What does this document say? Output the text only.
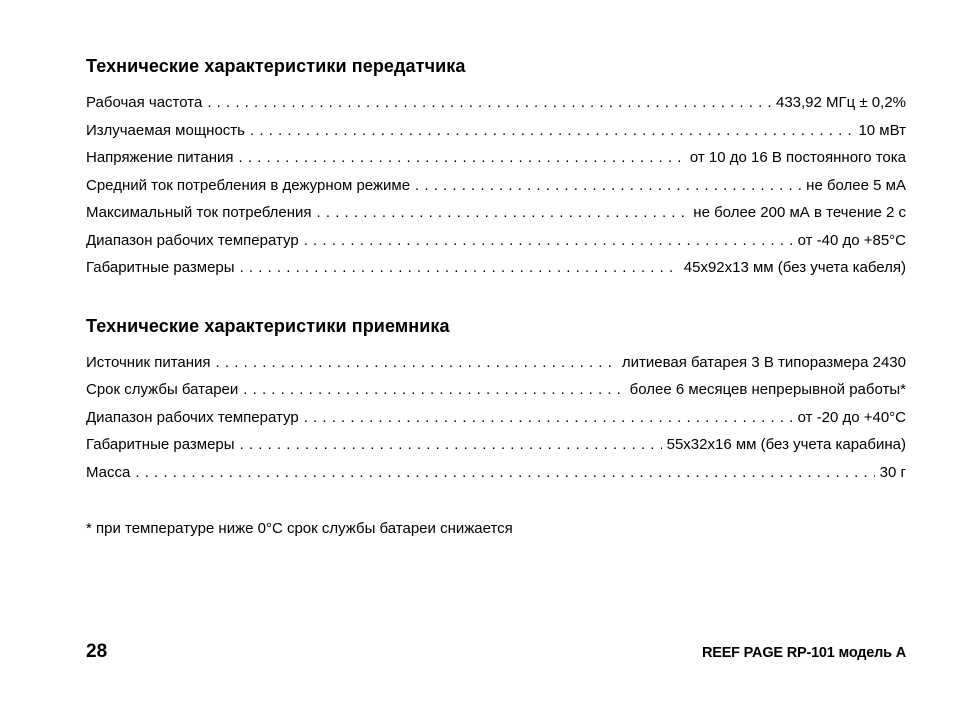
Технические характеристики передатчика
Рабочая частота . . .	433,92 МГц ± 0,2%
Излучаемая мощность . . .	10 мВт
Напряжение питания . . .	от 10 до 16 В постоянного тока
Средний ток потребления в дежурном режиме . . .	не более 5 мА
Максимальный ток потребления . . .	не более 200 мА в течение 2 с
Диапазон рабочих температур . . .	от -40 до +85°С
Габаритные размеры . . .	45х92х13 мм (без учета кабеля)
Технические характеристики приемника
Источник питания . . .	литиевая батарея 3 В типоразмера 2430
Срок службы батареи . . .	более 6 месяцев непрерывной работы*
Диапазон рабочих температур . . .	от -20 до +40°С
Габаритные размеры . . .	55х32х16 мм (без учета карабина)
Масса . . .	30 г
* при температуре ниже 0°С срок службы батареи снижается
28	REEF PAGE RP-101 модель А
